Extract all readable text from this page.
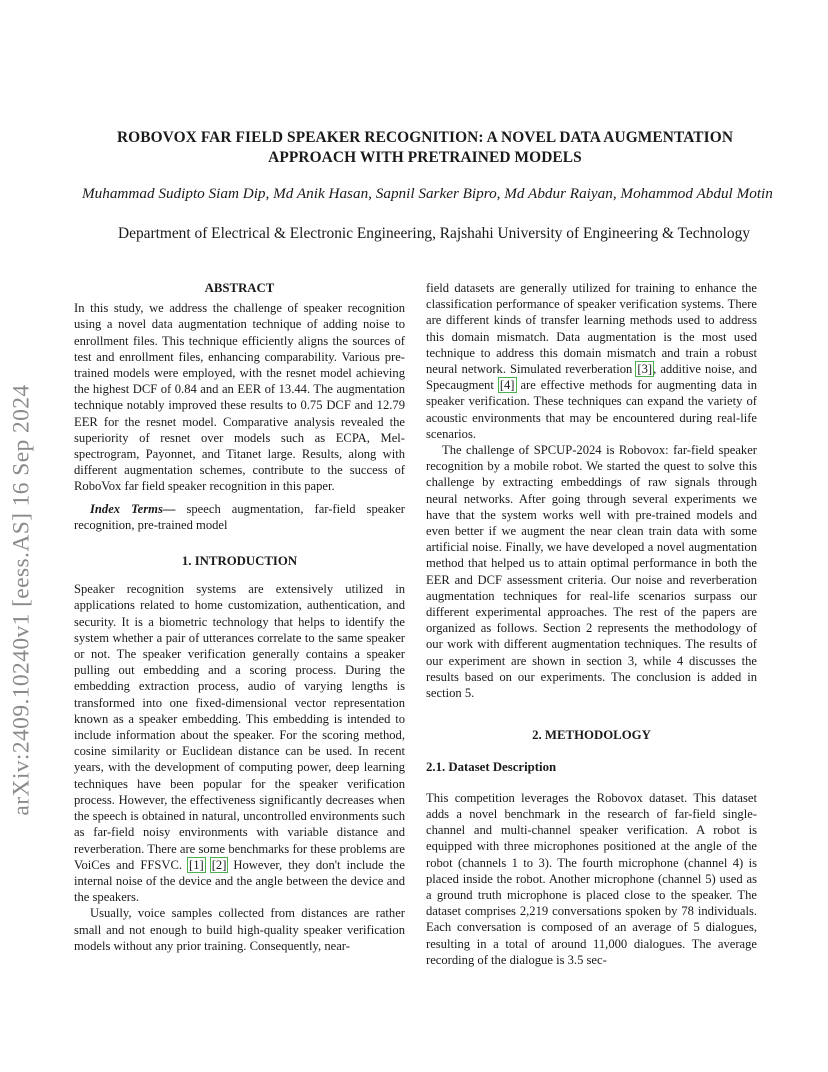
ROBOVOX FAR FIELD SPEAKER RECOGNITION: A NOVEL DATA AUGMENTATION
APPROACH WITH PRETRAINED MODELS
Muhammad Sudipto Siam Dip, Md Anik Hasan, Sapnil Sarker Bipro, Md Abdur Raiyan, Mohammod Abdul Motin
Department of Electrical & Electronic Engineering, Rajshahi University of Engineering & Technology
arXiv:2409.10240v1 [eess.AS] 16 Sep 2024
ABSTRACT

In this study, we address the challenge of speaker recognition using a novel data augmentation technique of adding noise to enrollment files. This technique efficiently aligns the sources of test and enrollment files, enhancing comparability. Various pre-trained models were employed, with the resnet model achieving the highest DCF of 0.84 and an EER of 13.44. The augmentation technique notably improved these results to 0.75 DCF and 12.79 EER for the resnet model. Comparative analysis revealed the superiority of resnet over models such as ECPA, Mel-spectrogram, Payonnet, and Titanet large. Results, along with different augmentation schemes, contribute to the success of RoboVox far field speaker recognition in this paper.

Index Terms— speech augmentation, far-field speaker recognition, pre-trained model

1. INTRODUCTION

Speaker recognition systems are extensively utilized in applications related to home customization, authentication, and security. It is a biometric technology that helps to identify the system whether a pair of utterances correlate to the same speaker or not. The speaker verification generally contains a speaker pulling out embedding and a scoring process. During the embedding extraction process, audio of varying lengths is transformed into one fixed-dimensional vector representation known as a speaker embedding. This embedding is intended to include information about the speaker. For the scoring method, cosine similarity or Euclidean distance can be used. In recent years, with the development of computing power, deep learning techniques have been popular for the speaker verification process. However, the effectiveness significantly decreases when the speech is obtained in natural, uncontrolled environments such as far-field noisy environments with variable distance and reverberation. There are some benchmarks for these problems are VoiCes and FFSVC. [1] [2] However, they don't include the internal noise of the device and the angle between the device and the speakers.

Usually, voice samples collected from distances are rather small and not enough to build high-quality speaker verification models without any prior training. Consequently, near-

field datasets are generally utilized for training to enhance the classification performance of speaker verification systems. There are different kinds of transfer learning methods used to address this domain mismatch. Data augmentation is the most used technique to address this domain mismatch and train a robust neural network. Simulated reverberation [3], additive noise, and Specaugment [4] are effective methods for augmenting data in speaker verification. These techniques can expand the variety of acoustic environments that may be encountered during real-life scenarios.

The challenge of SPCUP-2024 is Robovox: far-field speaker recognition by a mobile robot. We started the quest to solve this challenge by extracting embeddings of raw signals through neural networks. After going through several experiments we have that the system works well with pre-trained models and even better if we augment the near clean train data with some artificial noise. Finally, we have developed a novel augmentation method that helped us to attain optimal performance in both the EER and DCF assessment criteria. Our noise and reverberation augmentation techniques for real-life scenarios surpass our different experimental approaches. The rest of the papers are organized as follows. Section 2 represents the methodology of our work with different augmentation techniques. The results of our experiment are shown in section 3, while 4 discusses the results based on our experiments. The conclusion is added in section 5.

2. METHODOLOGY
2.1. Dataset Description

This competition leverages the Robovox dataset. This dataset adds a novel benchmark in the research of far-field single-channel and multi-channel speaker verification. A robot is equipped with three microphones positioned at the angle of the robot (channels 1 to 3). The fourth microphone (channel 4) is placed inside the robot. Another microphone (channel 5) used as a ground truth microphone is placed close to the speaker. The dataset comprises 2,219 conversations spoken by 78 individuals. Each conversation is composed of an average of 5 dialogues, resulting in a total of around 11,000 dialogues. The average recording of the dialogue is 3.5 sec-
